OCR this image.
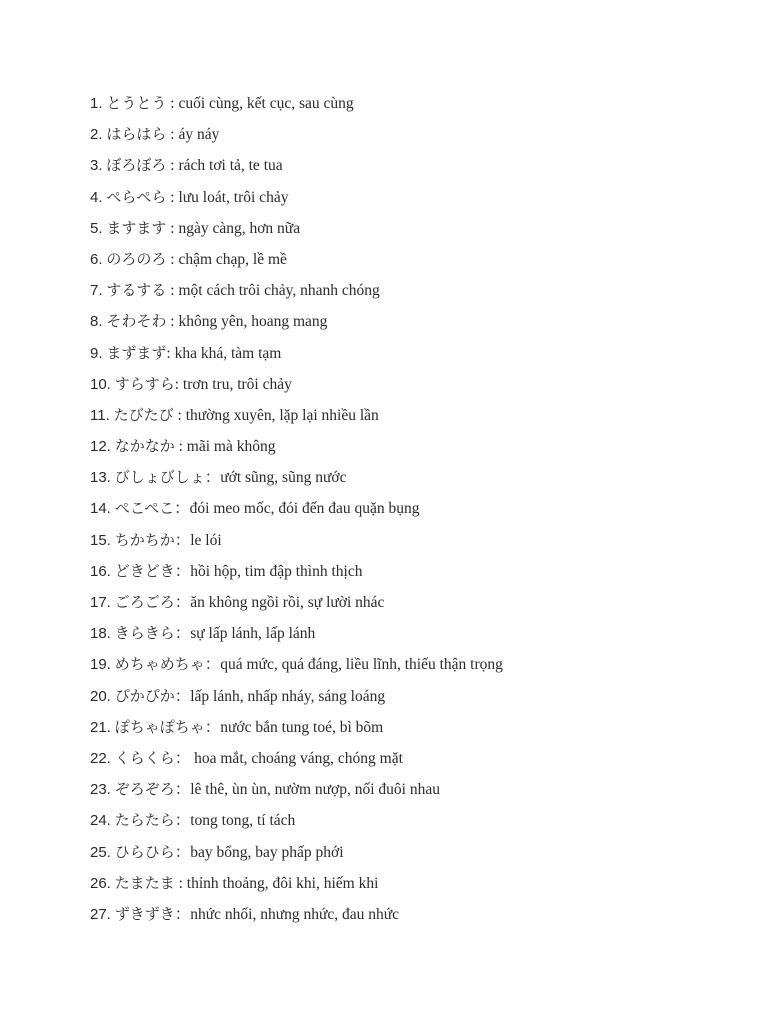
1. とうとう : cuối cùng, kết cục, sau cùng
2. はらはら : áy náy
3. ぼろぼろ : rách tơi tả, te tua
4. ぺらぺら : lưu loát, trôi chảy
5. ますます : ngày càng, hơn nữa
6. のろのろ : chậm chạp, lề mề
7. するする : một cách trôi chảy, nhanh chóng
8. そわそわ : không yên, hoang mang
9. まずまず: kha khá, tàm tạm
10. すらすら: trơn tru, trôi chảy
11. たびたび : thường xuyên, lặp lại nhiều lần
12. なかなか : mãi mà không
13. びしょびしょ：ướt sũng, sũng nước
14. ぺこぺこ：đói meo mốc, đói đến đau quặn bụng
15. ちかちか：le lói
16. どきどき：hồi hộp, tim đập thình thịch
17. ごろごろ：ăn không ngồi rồi, sự lười nhác
18. きらきら：sự lấp lánh, lấp lánh
19. めちゃめちゃ：quá mức, quá đáng, liều lĩnh, thiếu thận trọng
20. ぴかぴか：lấp lánh, nhấp nháy, sáng loáng
21. ぽちゃぽちゃ：nước bắn tung toé, bì bõm
22. くらくら： hoa mắt, choáng váng, chóng mặt
23. ぞろぞろ：lê thê, ùn ùn, nườm nượp, nối đuôi nhau
24. たらたら：tong tong, tí tách
25. ひらひら：bay bổng, bay phấp phới
26. たまたま : thỉnh thoảng, đôi khi, hiếm khi
27. ずきずき：nhức nhối, nhưng nhức, đau nhức
